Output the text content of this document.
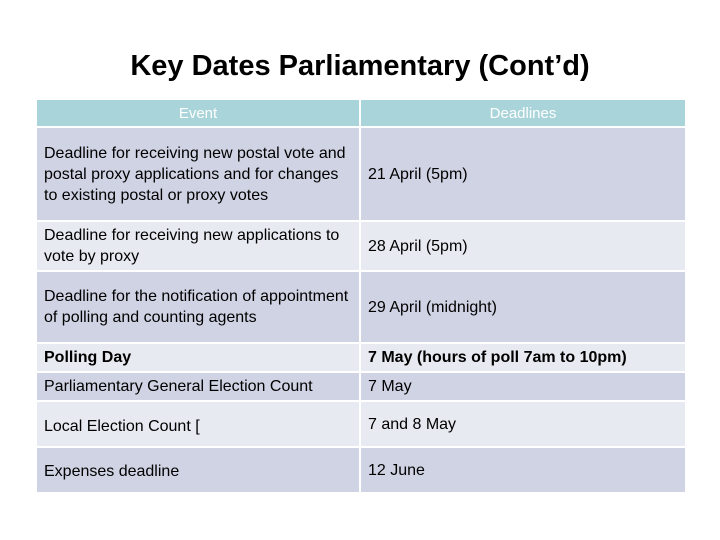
Key Dates Parliamentary (Cont’d)
Event	Deadlines
Deadline for receiving new postal vote and postal proxy applications and for changes to existing postal or proxy votes	21 April (5pm)
Deadline for receiving new applications to vote by proxy	28 April (5pm)
Deadline for the notification of appointment of polling and counting agents	29 April (midnight)
Polling Day	7 May (hours of poll 7am to 10pm)
Parliamentary General Election Count	7 May
Local Election Count [	7 and 8 May
Expenses deadline	12 June
